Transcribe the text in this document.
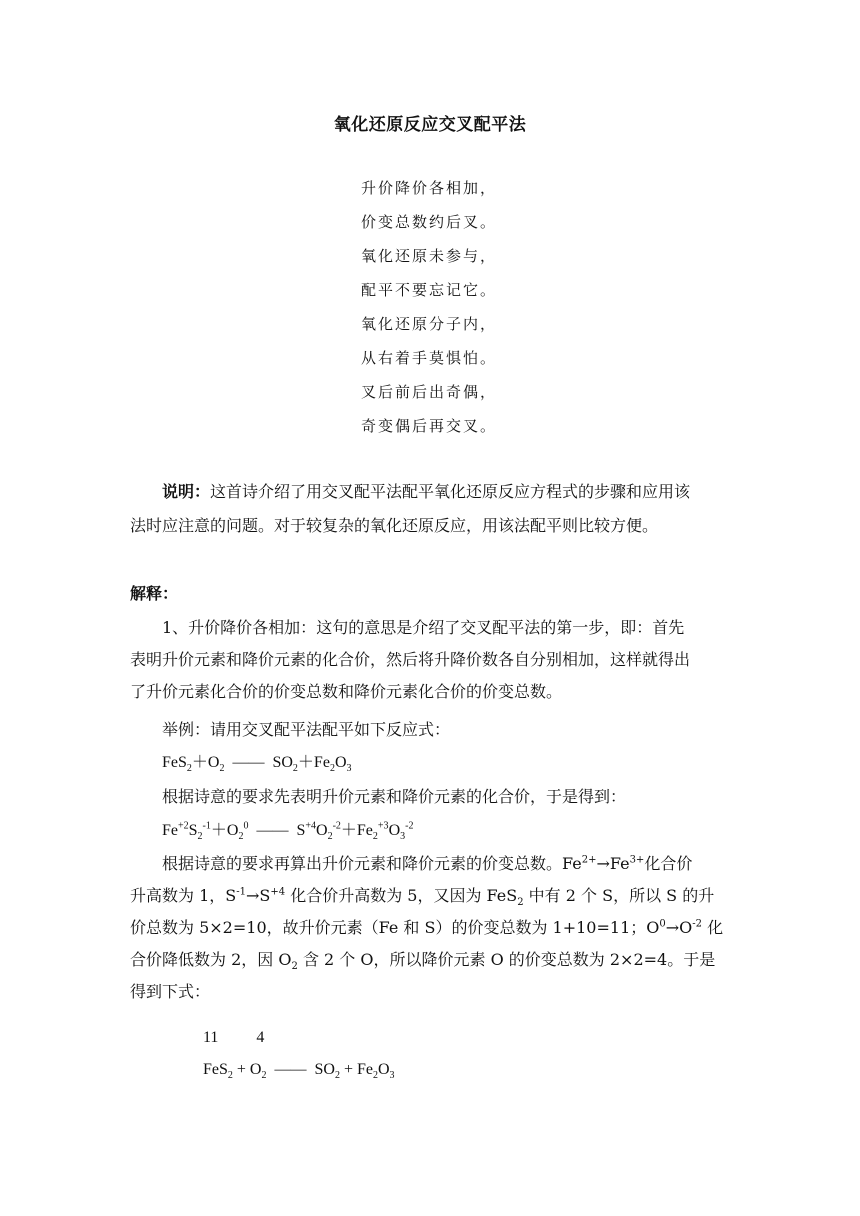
氧化还原反应交叉配平法
升价降价各相加，
价变总数约后叉。
氧化还原未参与，
配平不要忘记它。
氧化还原分子内，
从右着手莫惧怕。
叉后前后出奇偶，
奇变偶后再交叉。
说明：这首诗介绍了用交叉配平法配平氧化还原反应方程式的步骤和应用该
法时应注意的问题。对于较复杂的氧化还原反应，用该法配平则比较方便。
解释：
1、升价降价各相加：这句的意思是介绍了交叉配平法的第一步，即：首先
表明升价元素和降价元素的化合价，然后将升降价数各自分别相加，这样就得出
了升价元素化合价的价变总数和降价元素化合价的价变总数。
举例：请用交叉配平法配平如下反应式：
$FeS_2+O_2$  ——  $SO_2+Fe_2O_3$
根据诗意的要求先表明升价元素和降价元素的化合价，于是得到：
$Fe^{+2}S_2^{-1}+O_2^0$  ——  $S^{+4}O_2^{-2}+Fe_2^{+3}O_3^{-2}$
根据诗意的要求再算出升价元素和降价元素的价变总数。$Fe^{2+}\to Fe^{3+}$化合价
升高数为 1，$S^{-1}\to S^{+4}$ 化合价升高数为 5，又因为 FeS$_2$ 中有 2 个 S，所以 S 的升
价总数为 5×2=10，故升价元素（Fe 和 S）的价变总数为 1+10=11；$O^0\to O^{-2}$ 化
合价降低数为 2，因 $O_2$ 含 2 个 O，所以降价元素 O 的价变总数为 2×2=4。于是
得到下式：
11 4
$FeS_2 + O_2$  ——  $SO_2 + Fe_2O_3$
